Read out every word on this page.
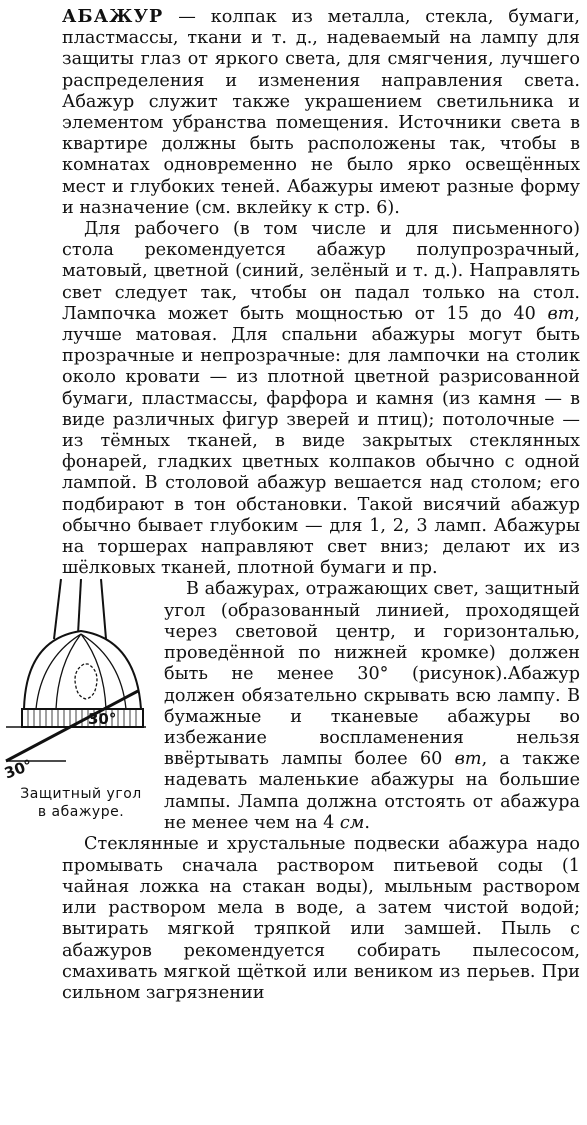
АБАЖУР — колпак из металла, стекла, бумаги, пластмассы, ткани и т. д., надеваемый на лампу для защиты глаз от яркого света, для смягчения, лучшего распределения и изменения направления света. Абажур служит также украшением светильника и элементом убранства помещения. Источники света в квартире должны быть расположены так, чтобы в комнатах одновременно не было ярко освещённых мест и глубоких теней. Абажуры имеют разные форму и назначение (см. вклейку к стр. 6).

Для рабочего (в том числе и для письменного) стола рекомендуется абажур полупрозрачный, матовый, цветной (синий, зелёный и т. д.). Направлять свет следует так, чтобы он падал только на стол. Лампочка может быть мощностью от 15 до 40 вт, лучше матовая. Для спальни абажуры могут быть прозрачные и непрозрачные: для лампочки на столик около кровати — из плотной цветной разрисованной бумаги, пластмассы, фарфора и камня (из камня — в виде различных фигур зверей и птиц); потолочные — из тёмных тканей, в виде закрытых стеклянных фонарей, гладких цветных колпаков обычно с одной лампой. В столовой абажур вешается над столом; его подбирают в тон обстановки. Такой висячий абажур обычно бывает глубоким — для 1, 2, 3 ламп. Абажуры на торшерах направляют свет вниз; делают их из шёлковых тканей, плотной бумаги и пр.

30°
30°
Защитный угол
в абажуре.

В абажурах, отражающих свет, защитный угол (образованный линией, проходящей через световой центр, и горизонталью, проведённой по нижней кромке) должен быть не менее 30° (рисунок).Абажур должен обязательно скрывать всю лампу. В бумажные и тканевые абажуры во избежание воспламенения нельзя ввёртывать лампы более 60 вт, а также надевать маленькие абажуры на большие лампы. Лампа должна отстоять от абажура не менее чем на 4 см.

Стеклянные и хрустальные подвески абажура надо промывать сначала раствором питьевой соды (1 чайная ложка на стакан воды), мыльным раствором или раствором мела в воде, а затем чистой водой; вытирать мягкой тряпкой или замшей. Пыль с абажуров рекомендуется собирать пылесосом, смахивать мягкой щёткой или веником из перьев. При сильном загрязнении
